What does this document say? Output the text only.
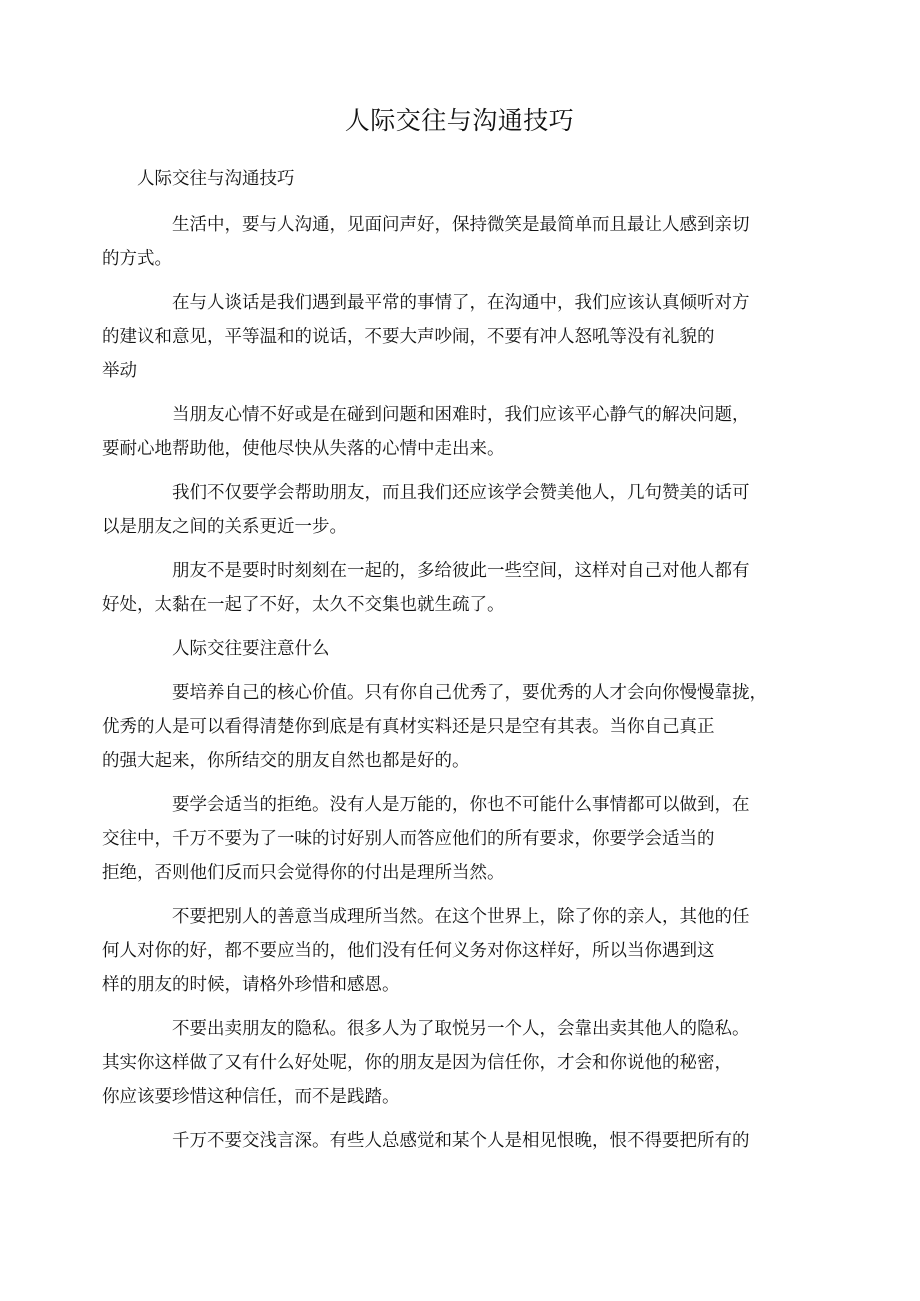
人际交往与沟通技巧
人际交往与沟通技巧

生活中，要与人沟通，见面问声好，保持微笑是最简单而且最让人感到亲切
的方式。

在与人谈话是我们遇到最平常的事情了，在沟通中，我们应该认真倾听对方
的建议和意见，平等温和的说话，不要大声吵闹，不要有冲人怒吼等没有礼貌的
举动

当朋友心情不好或是在碰到问题和困难时，我们应该平心静气的解决问题，
要耐心地帮助他，使他尽快从失落的心情中走出来。

我们不仅要学会帮助朋友，而且我们还应该学会赞美他人，几句赞美的话可
以是朋友之间的关系更近一步。

朋友不是要时时刻刻在一起的，多给彼此一些空间，这样对自己对他人都有
好处，太黏在一起了不好，太久不交集也就生疏了。

人际交往要注意什么

要培养自己的核心价值。只有你自己优秀了，要优秀的人才会向你慢慢靠拢，
优秀的人是可以看得清楚你到底是有真材实料还是只是空有其表。当你自己真正
的强大起来，你所结交的朋友自然也都是好的。

要学会适当的拒绝。没有人是万能的，你也不可能什么事情都可以做到，在
交往中，千万不要为了一味的讨好别人而答应他们的所有要求，你要学会适当的
拒绝，否则他们反而只会觉得你的付出是理所当然。

不要把别人的善意当成理所当然。在这个世界上，除了你的亲人，其他的任
何人对你的好，都不要应当的，他们没有任何义务对你这样好，所以当你遇到这
样的朋友的时候，请格外珍惜和感恩。

不要出卖朋友的隐私。很多人为了取悦另一个人，会靠出卖其他人的隐私。
其实你这样做了又有什么好处呢，你的朋友是因为信任你，才会和你说他的秘密，
你应该要珍惜这种信任，而不是践踏。

千万不要交浅言深。有些人总感觉和某个人是相见恨晚，恨不得要把所有的
